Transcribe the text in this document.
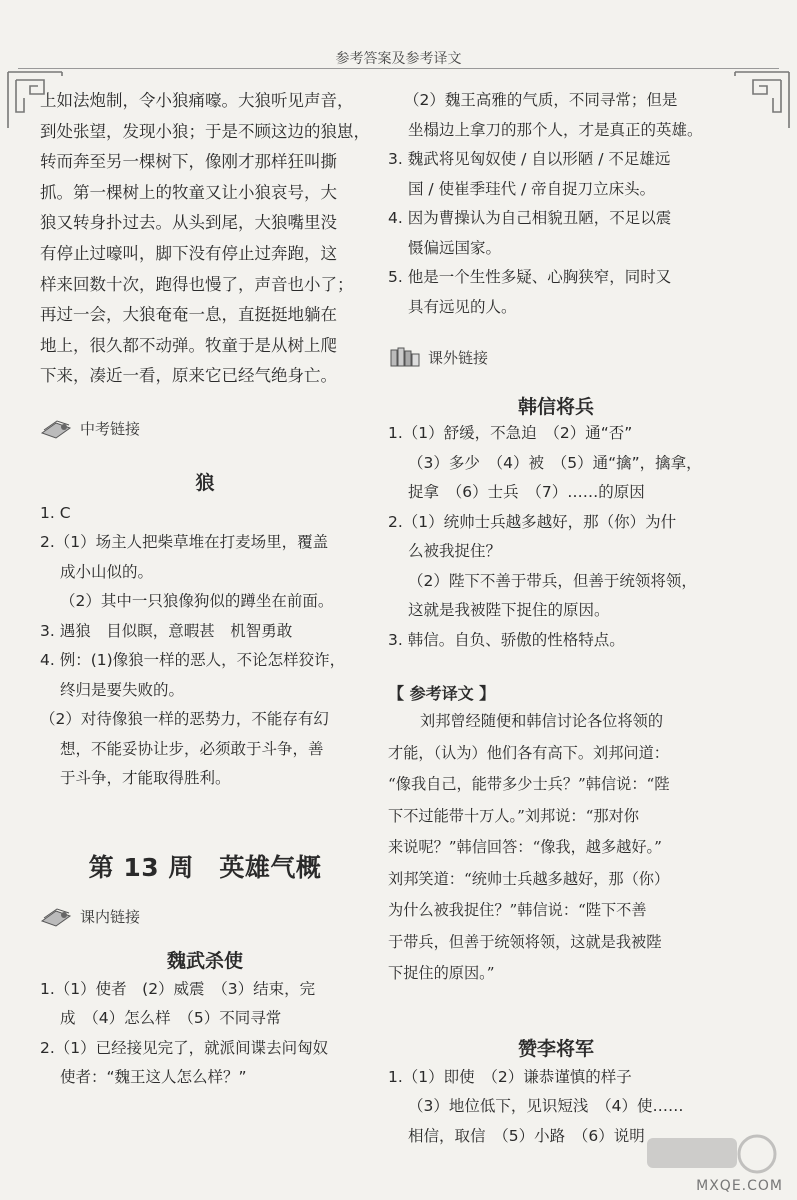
参考答案及参考译文

上如法炮制，令小狼痛嚎。大狼听见声音，

到处张望，发现小狼；于是不顾这边的狼崽，

转而奔至另一棵树下，像刚才那样狂叫撕

抓。第一棵树上的牧童又让小狼哀号，大

狼又转身扑过去。从头到尾，大狼嘴里没

有停止过嚎叫，脚下没有停止过奔跑，这

样来回数十次，跑得也慢了，声音也小了；

再过一会，大狼奄奄一息，直挺挺地躺在

地上，很久都不动弹。牧童于是从树上爬

下来，凑近一看，原来它已经气绝身亡。

中考链接

狼

1. C

2.（1）场主人把柴草堆在打麦场里，覆盖

成小山似的。

（2）其中一只狼像狗似的蹲坐在前面。

3. 遇狼　目似瞑，意暇甚　机智勇敢

4. 例：(1)像狼一样的恶人，不论怎样狡诈，

终归是要失败的。

（2）对待像狼一样的恶势力，不能存有幻

想，不能妥协让步，必须敢于斗争，善

于斗争，才能取得胜利。

第 13 周　英雄气概
课内链接

魏武杀使

1.（1）使者　(2）威震　（3）结束，完

成　（4）怎么样　（5）不同寻常

2.（1）已经接见完了，就派间谍去问匈奴

使者：“魏王这人怎么样？”

（2）魏王高雅的气质，不同寻常；但是

坐榻边上拿刀的那个人，才是真正的英雄。

3. 魏武将见匈奴使 / 自以形陋 / 不足雄远

国 / 使崔季珪代 / 帝自捉刀立床头。

4. 因为曹操认为自己相貌丑陋，不足以震

慑偏远国家。

5. 他是一个生性多疑、心胸狭窄，同时又

具有远见的人。

课外链接

韩信将兵

1.（1）舒缓，不急迫　（2）通“否”

（3）多少　（4）被　（5）通“擒”，擒拿，

捉拿　（6）士兵　（7）……的原因

2.（1）统帅士兵越多越好，那（你）为什

么被我捉住？

（2）陛下不善于带兵，但善于统领将领，

这就是我被陛下捉住的原因。

3. 韩信。自负、骄傲的性格特点。

【 参考译文 】

刘邦曾经随便和韩信讨论各位将领的

才能，（认为）他们各有高下。刘邦问道：

“像我自己，能带多少士兵？”韩信说：“陛

下不过能带十万人。”刘邦说：“那对你

来说呢？”韩信回答：“像我，越多越好。”

刘邦笑道：“统帅士兵越多越好，那（你）

为什么被我捉住？”韩信说：“陛下不善

于带兵，但善于统领将领，这就是我被陛

下捉住的原因。”

赞李将军

1.（1）即使　（2）谦恭谨慎的样子

（3）地位低下，见识短浅　（4）使……

相信，取信　（5）小路　（6）说明

MXQE.COM
